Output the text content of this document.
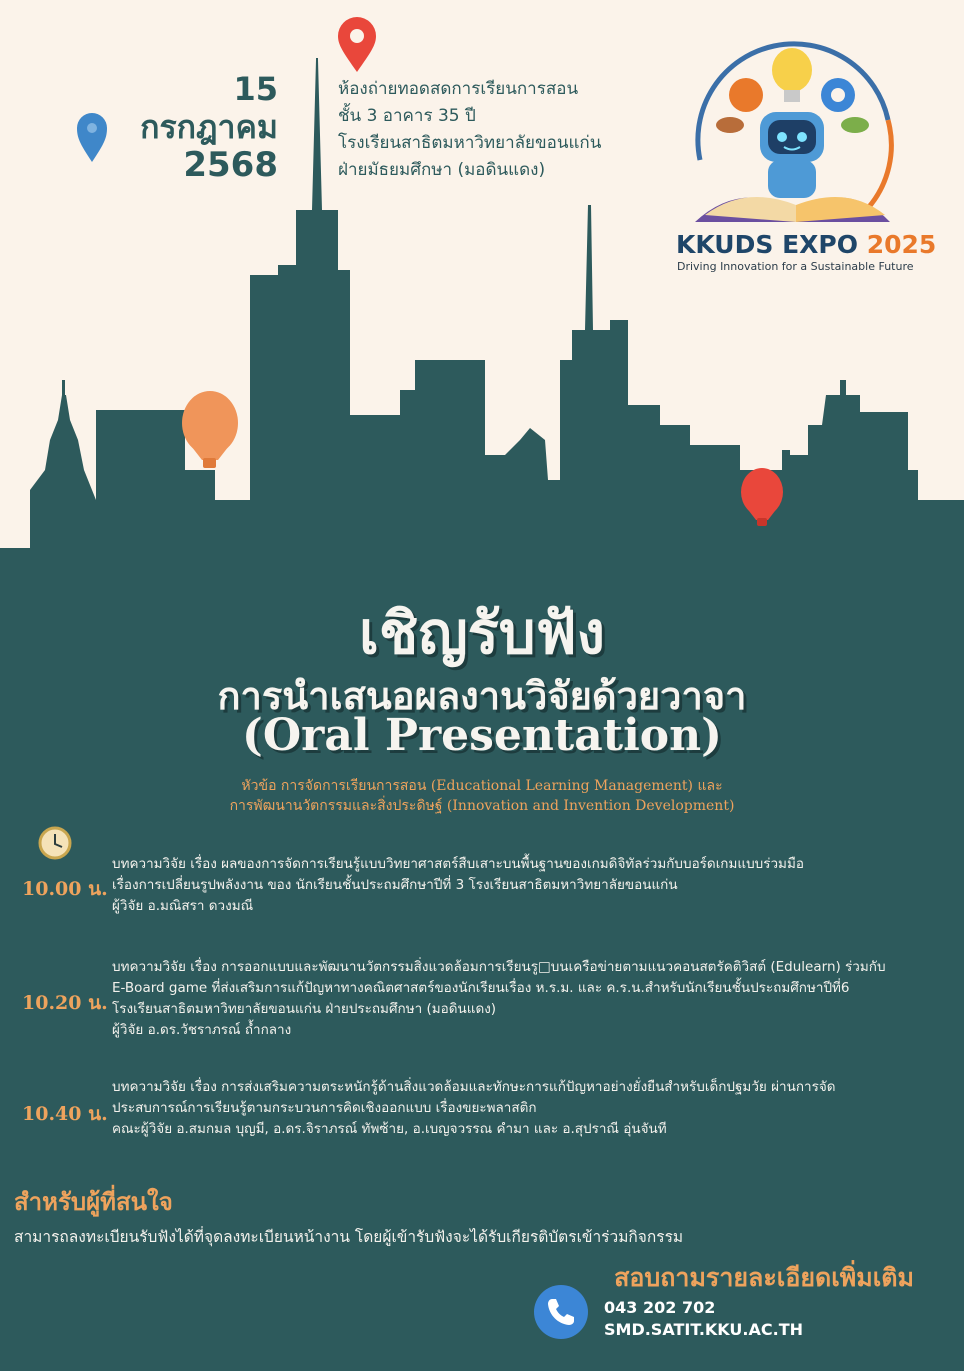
15
กรกฎาคม
2568
ห้องถ่ายทอดสดการเรียนการสอน
ชั้น 3 อาคาร 35 ปี
โรงเรียนสาธิตมหาวิทยาลัยขอนแก่น
ฝ่ายมัธยมศึกษา (มอดินแดง)
KKUDS EXPO 2025
Driving Innovation for a Sustainable Future
เชิญรับฟัง
การนำเสนอผลงานวิจัยด้วยวาจา
(Oral Presentation)
หัวข้อ การจัดการเรียนการสอน (Educational Learning Management) และ
การพัฒนานวัตกรรมและสิ่งประดิษฐ์ (Innovation and Invention Development)
10.00 น.
บทความวิจัย เรื่อง ผลของการจัดการเรียนรู้แบบวิทยาศาสตร์สืบเสาะบนพื้นฐานของเกมดิจิทัลร่วมกับบอร์ดเกมแบบร่วมมือ
เรื่องการเปลี่ยนรูปพลังงาน ของ นักเรียนชั้นประถมศึกษาปีที่ 3 โรงเรียนสาธิตมหาวิทยาลัยขอนแก่น
ผู้วิจัย อ.มณิสรา ดวงมณี
10.20 น.
บทความวิจัย เรื่อง การออกแบบและพัฒนานวัตกรรมสิ่งแวดล้อมการเรียนรู□บนเครือข่ายตามแนวคอนสตรัคติวิสต์ (Edulearn) ร่วมกับ
E-Board game ที่ส่งเสริมการแก้ปัญหาทางคณิตศาสตร์ของนักเรียนเรื่อง ห.ร.ม. และ ค.ร.น.สำหรับนักเรียนชั้นประถมศึกษาปีที่6
โรงเรียนสาธิตมหาวิทยาลัยขอนแก่น ฝ่ายประถมศึกษา (มอดินแดง)
ผู้วิจัย อ.ดร.วัชราภรณ์ ถ้ำกลาง
10.40 น.
บทความวิจัย เรื่อง การส่งเสริมความตระหนักรู้ด้านสิ่งแวดล้อมและทักษะการแก้ปัญหาอย่างยั่งยืนสำหรับเด็กปฐมวัย ผ่านการจัด
ประสบการณ์การเรียนรู้ตามกระบวนการคิดเชิงออกแบบ เรื่องขยะพลาสติก
คณะผู้วิจัย อ.สมกมล บุญมี, อ.ดร.จิราภรณ์ ทัพซ้าย, อ.เบญจวรรณ คำมา และ อ.สุปราณี อุ่นจันที
สำหรับผู้ที่สนใจ
สามารถลงทะเบียนรับฟังได้ที่จุดลงทะเบียนหน้างาน โดยผู้เข้ารับฟังจะได้รับเกียรติบัตรเข้าร่วมกิจกรรม
สอบถามรายละเอียดเพิ่มเติม
043 202 702
SMD.SATIT.KKU.AC.TH
